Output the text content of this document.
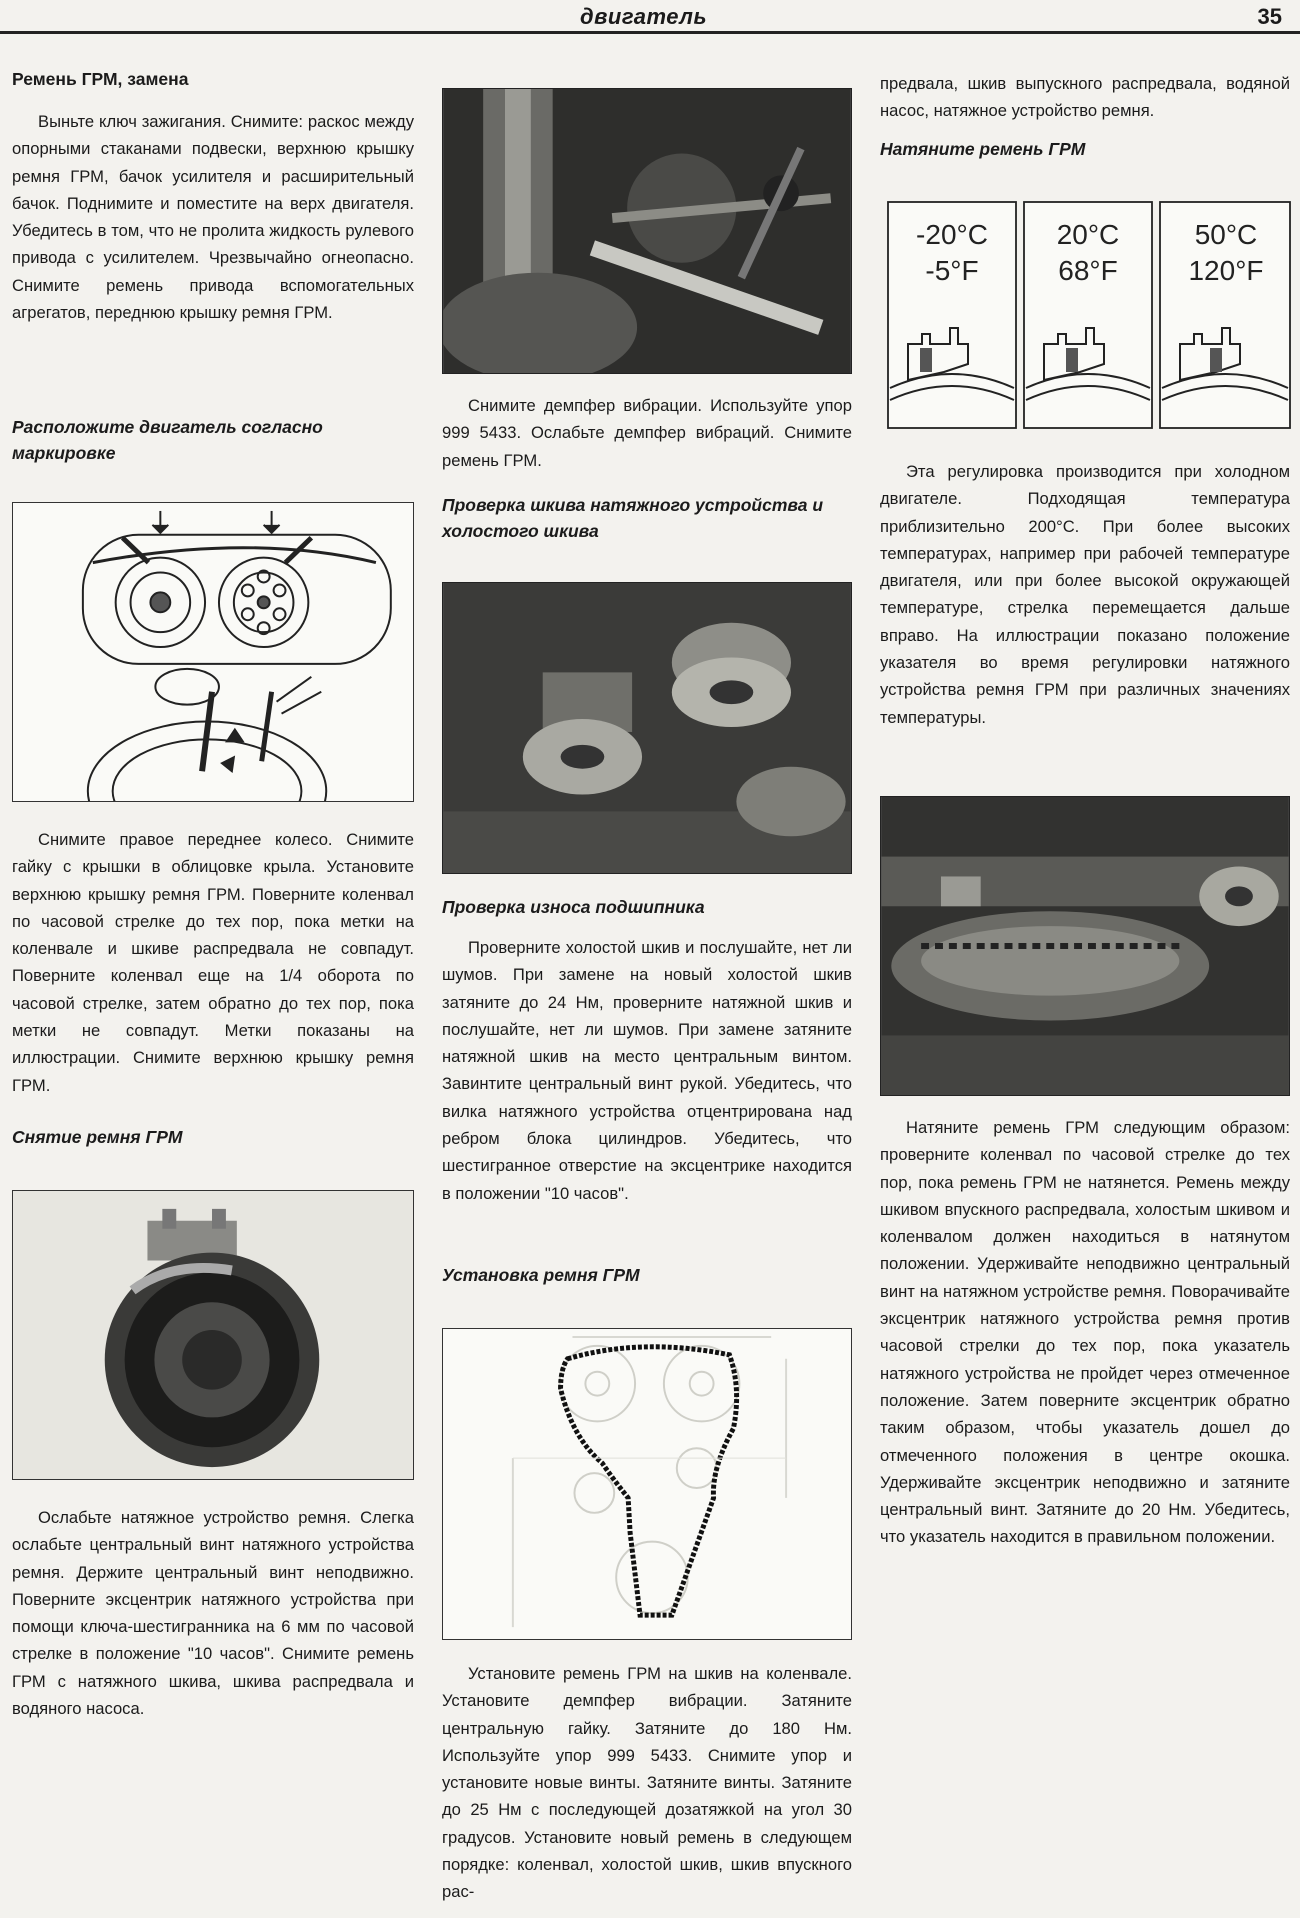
двигатель	35
Ремень ГРМ, замена
Выньте ключ зажигания. Снимите: раскос между опорными стаканами подвески, верхнюю крышку ремня ГРМ, бачок усилителя и расширительный бачок. Поднимите и поместите на верх двигателя. Убедитесь в том, что не пролита жидкость рулевого привода с усилителем. Чрезвычайно огнеопасно. Снимите ремень привода вспомогательных агрегатов, переднюю крышку ремня ГРМ.
Расположите двигатель согласно маркировке
Снимите правое переднее колесо. Снимите гайку с крышки в облицовке крыла. Установите верхнюю крышку ремня ГРМ. Поверните коленвал по часовой стрелке до тех пор, пока метки на коленвале и шкиве распредвала не совпадут. Поверните коленвал еще на 1/4 оборота по часовой стрелке, затем обратно до тех пор, пока метки не совпадут. Метки показаны на иллюстрации. Снимите верхнюю крышку ремня ГРМ.
Снятие ремня ГРМ
Ослабьте натяжное устройство ремня. Слегка ослабьте центральный винт натяжного устройства ремня. Держите центральный винт неподвижно. Поверните эксцентрик натяжного устройства при помощи ключа-шестигранника на 6 мм по часовой стрелке в положение "10 часов". Снимите ремень ГРМ с натяжного шкива, шкива распредвала и водяного насоса.
Снимите демпфер вибрации. Используйте упор 999 5433. Ослабьте демпфер вибраций. Снимите ремень ГРМ.
Проверка шкива натяжного устройства и холостого шкива
Проверка износа подшипника
Проверните холостой шкив и послушайте, нет ли шумов. При замене на новый холостой шкив затяните до 24 Нм, проверните натяжной шкив и послушайте, нет ли шумов. При замене затяните натяжной шкив на место центральным винтом. Завинтите центральный винт рукой. Убедитесь, что вилка натяжного устройства отцентрирована над ребром блока цилиндров. Убедитесь, что шестигранное отверстие на эксцентрике находится в положении "10 часов".
Установка ремня ГРМ
Установите ремень ГРМ на шкив на коленвале. Установите демпфер вибрации. Затяните центральную гайку. Затяните до 180 Нм. Используйте упор 999 5433. Снимите упор и установите новые винты. Затяните винты. Затяните до 25 Нм с последующей дозатяжкой на угол 30 градусов. Установите новый ремень в следующем порядке: коленвал, холостой шкив, шкив впускного рас-
предвала, шкив выпускного распредвала, водяной насос, натяжное устройство ремня.
Натяните ремень ГРМ
-20°C
-5°F
20°C
68°F
50°C
120°F
Эта регулировка производится при холодном двигателе. Подходящая температура приблизительно 200°С. При более высоких температурах, например при рабочей температуре двигателя, или при более высокой окружающей температуре, стрелка перемещается дальше вправо. На иллюстрации показано положение указателя во время регулировки натяжного устройства ремня ГРМ при различных значениях температуры.
Натяните ремень ГРМ следующим образом: проверните коленвал по часовой стрелке до тех пор, пока ремень ГРМ не натянется. Ремень между шкивом впускного распредвала, холостым шкивом и коленвалом должен находиться в натянутом положении. Удерживайте неподвижно центральный винт на натяжном устройстве ремня. Поворачивайте эксцентрик натяжного устройства ремня против часовой стрелки до тех пор, пока указатель натяжного устройства не пройдет через отмеченное положение. Затем поверните эксцентрик обратно таким образом, чтобы указатель дошел до отмеченного положения в центре окошка. Удерживайте эксцентрик неподвижно и затяните центральный винт. Затяните до 20 Нм. Убедитесь, что указатель находится в правильном положении.
